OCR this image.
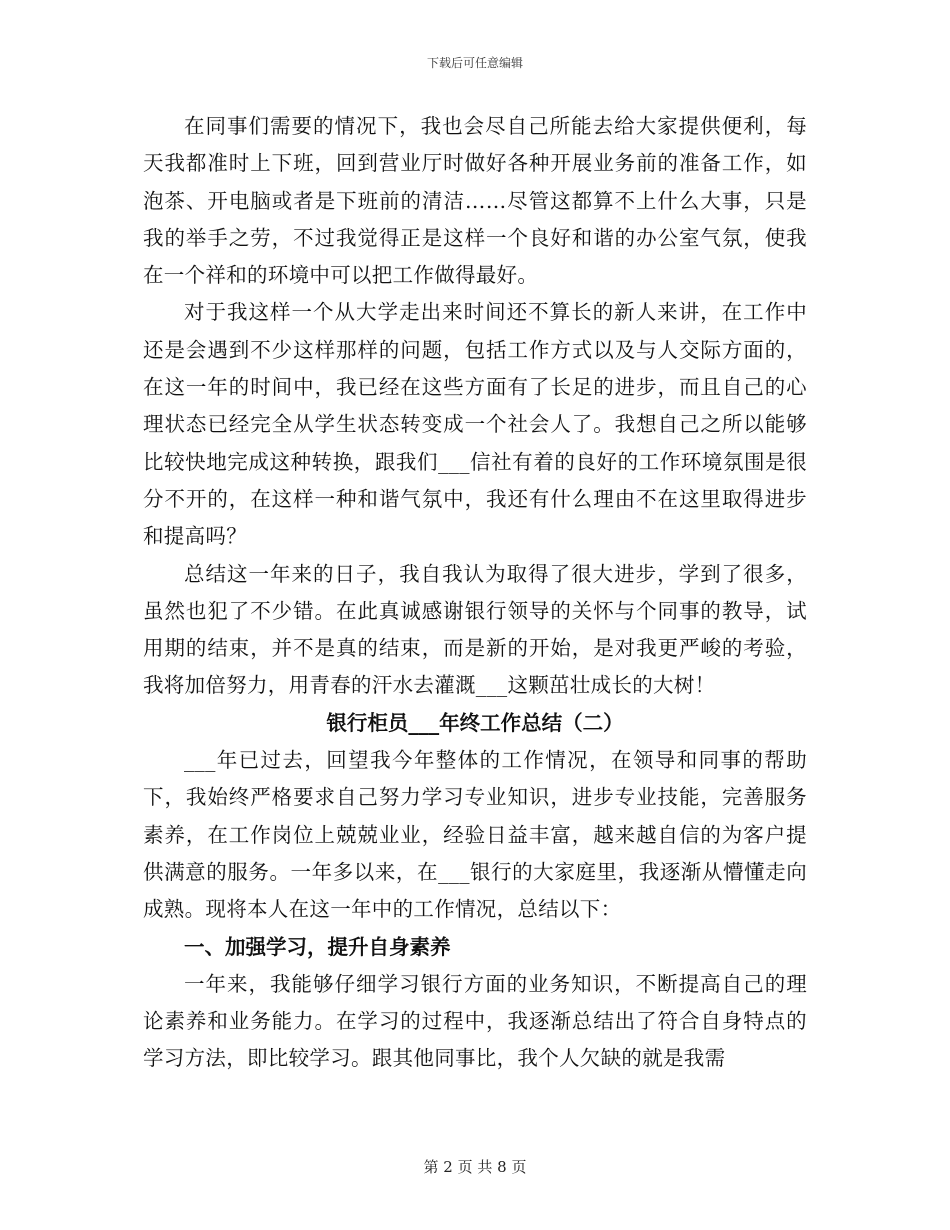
下载后可任意编辑

在同事们需要的情况下，我也会尽自己所能去给大家提供便利，每天我都准时上下班，回到营业厅时做好各种开展业务前的准备工作，如泡茶、开电脑或者是下班前的清洁……尽管这都算不上什么大事，只是我的举手之劳，不过我觉得正是这样一个良好和谐的办公室气氛，使我在一个祥和的环境中可以把工作做得最好。

对于我这样一个从大学走出来时间还不算长的新人来讲，在工作中还是会遇到不少这样那样的问题，包括工作方式以及与人交际方面的，在这一年的时间中，我已经在这些方面有了长足的进步，而且自己的心理状态已经完全从学生状态转变成一个社会人了。我想自己之所以能够比较快地完成这种转换，跟我们___信社有着的良好的工作环境氛围是很分不开的，在这样一种和谐气氛中，我还有什么理由不在这里取得进步和提高吗？

总结这一年来的日子，我自我认为取得了很大进步，学到了很多，虽然也犯了不少错。在此真诚感谢银行领导的关怀与个同事的教导，试用期的结束，并不是真的结束，而是新的开始，是对我更严峻的考验，我将加倍努力，用青春的汗水去灌溉___这颗茁壮成长的大树！

银行柜员___年终工作总结（二）

___年已过去，回望我今年整体的工作情况，在领导和同事的帮助下，我始终严格要求自己努力学习专业知识，进步专业技能，完善服务素养，在工作岗位上兢兢业业，经验日益丰富，越来越自信的为客户提供满意的服务。一年多以来，在___银行的大家庭里，我逐渐从懵懂走向成熟。现将本人在这一年中的工作情况，总结以下：

一、加强学习，提升自身素养

一年来，我能够仔细学习银行方面的业务知识，不断提高自己的理论素养和业务能力。在学习的过程中，我逐渐总结出了符合自身特点的学习方法，即比较学习。跟其他同事比，我个人欠缺的就是我需

第 2 页 共 8 页
